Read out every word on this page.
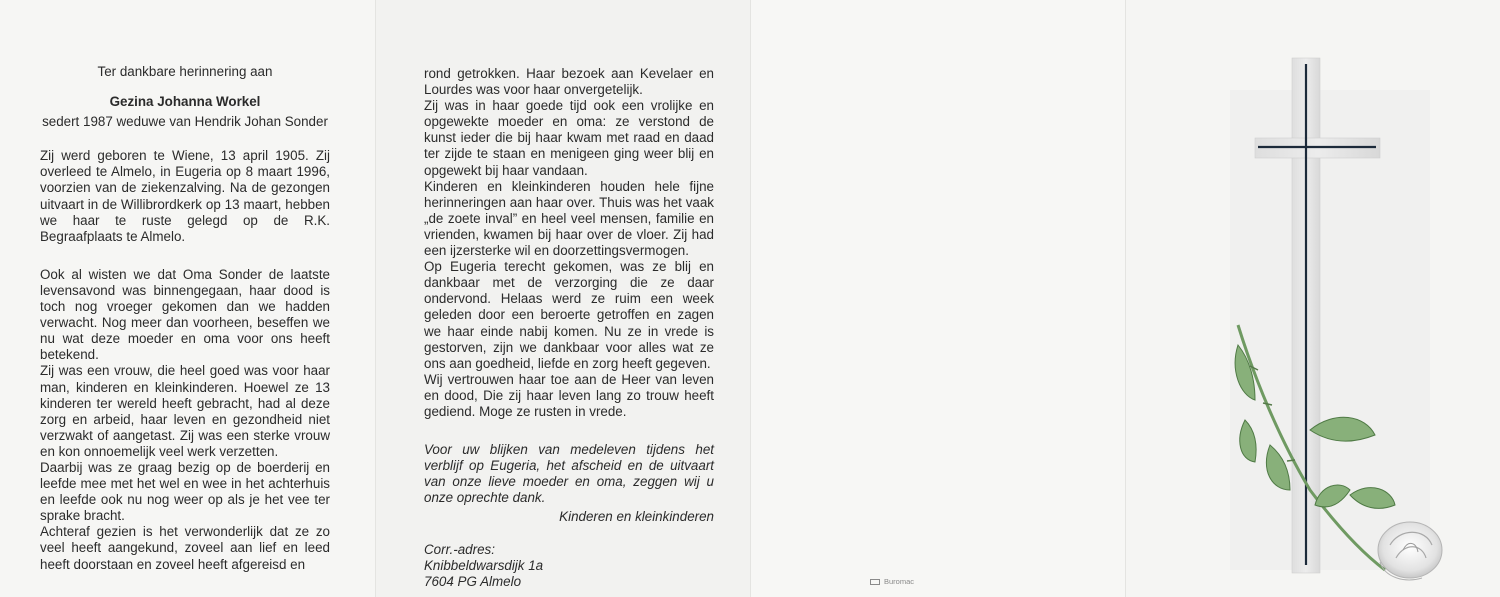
Ter dankbare herinnering aan
Gezina Johanna Workel
sedert 1987 weduwe van Hendrik Johan Sonder

Zij werd geboren te Wiene, 13 april 1905. Zij overleed te Almelo, in Eugeria op 8 maart 1996, voorzien van de ziekenzalving. Na de gezongen uitvaart in de Willibrordkerk op 13 maart, hebben we haar te ruste gelegd op de R.K. Begraafplaats te Almelo.

Ook al wisten we dat Oma Sonder de laatste levensavond was binnengegaan, haar dood is toch nog vroeger gekomen dan we hadden verwacht. Nog meer dan voorheen, beseffen we nu wat deze moeder en oma voor ons heeft betekend.

Zij was een vrouw, die heel goed was voor haar man, kinderen en kleinkinderen. Hoewel ze 13 kinderen ter wereld heeft gebracht, had al deze zorg en arbeid, haar leven en gezondheid niet verzwakt of aangetast. Zij was een sterke vrouw en kon onnoemelijk veel werk verzetten.

Daarbij was ze graag bezig op de boerderij en leefde mee met het wel en wee in het achterhuis en leefde ook nu nog weer op als je het vee ter sprake bracht.

Achteraf gezien is het verwonderlijk dat ze zo veel heeft aangekund, zoveel aan lief en leed heeft doorstaan en zoveel heeft afgereisd en

rond getrokken. Haar bezoek aan Kevelaer en Lourdes was voor haar onvergetelijk.

Zij was in haar goede tijd ook een vrolijke en opgewekte moeder en oma: ze verstond de kunst ieder die bij haar kwam met raad en daad ter zijde te staan en menigeen ging weer blij en opgewekt bij haar vandaan.

Kinderen en kleinkinderen houden hele fijne herinneringen aan haar over. Thuis was het vaak „de zoete inval” en heel veel mensen, familie en vrienden, kwamen bij haar over de vloer. Zij had een ijzersterke wil en doorzettingsvermogen.

Op Eugeria terecht gekomen, was ze blij en dankbaar met de verzorging die ze daar ondervond. Helaas werd ze ruim een week geleden door een beroerte getroffen en zagen we haar einde nabij komen. Nu ze in vrede is gestorven, zijn we dankbaar voor alles wat ze ons aan goedheid, liefde en zorg heeft gegeven.

Wij vertrouwen haar toe aan de Heer van leven en dood, Die zij haar leven lang zo trouw heeft gediend. Moge ze rusten in vrede.

Voor uw blijken van medeleven tijdens het verblijf op Eugeria, het afscheid en de uitvaart van onze lieve moeder en oma, zeggen wij u onze oprechte dank.

Kinderen en kleinkinderen

Corr.-adres:

Knibbeldwarsdijk 1a

7604 PG Almelo	Buromac
